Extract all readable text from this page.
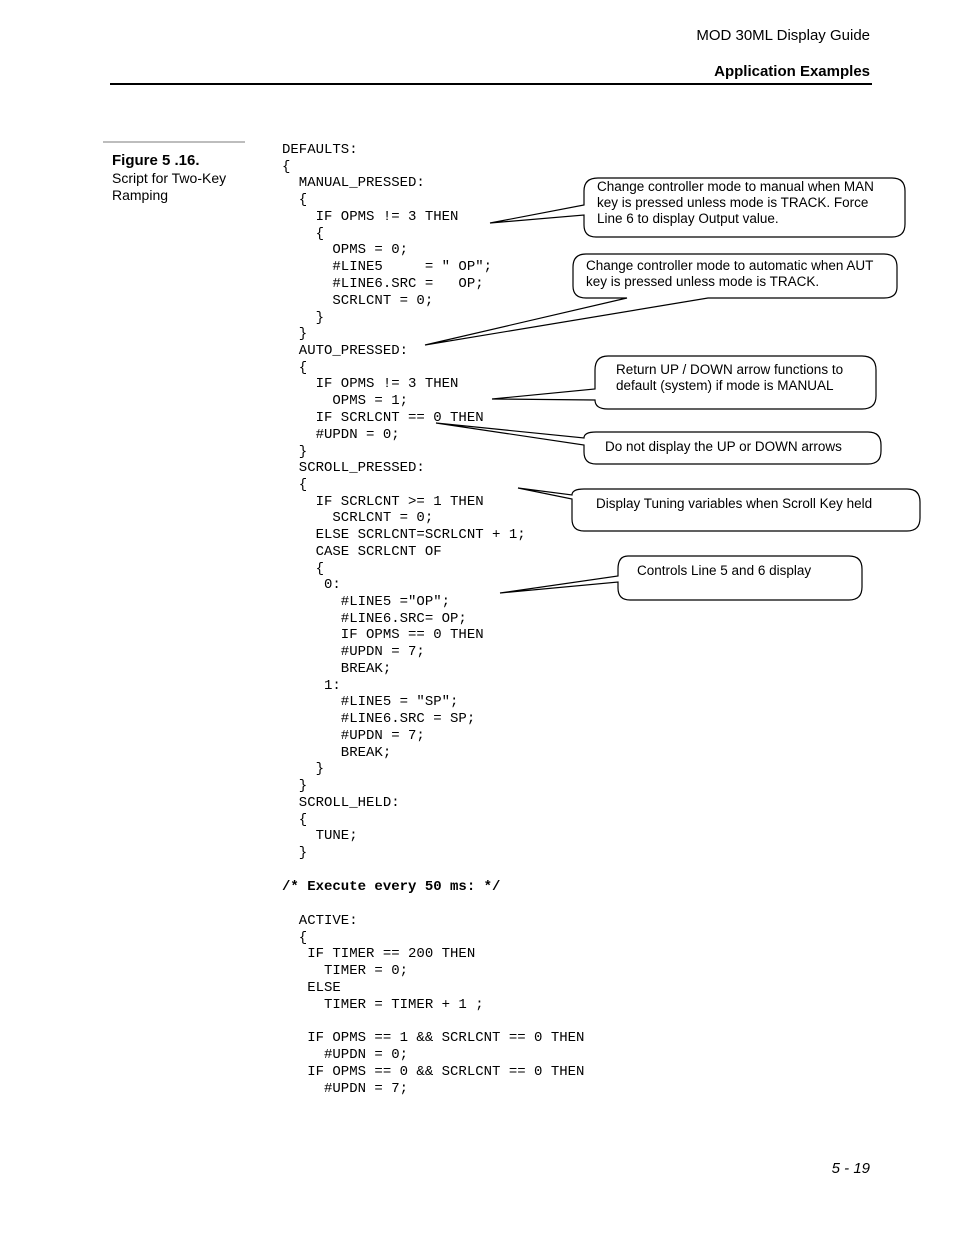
MOD 30ML Display Guide
Application Examples
Figure 5 .16.
Script for Two-Key Ramping
DEFAULTS:
{
MANUAL_PRESSED:
{
IF OPMS != 3 THEN
{
OPMS = 0;
#LINE5     = " OP";
#LINE6.SRC =   OP;
SCRLCNT = 0;
}
}
AUTO_PRESSED:
{
IF OPMS != 3 THEN
OPMS = 1;
IF SCRLCNT == 0 THEN
#UPDN = 0;
}
SCROLL_PRESSED:
{
IF SCRLCNT >= 1 THEN
SCRLCNT = 0;
ELSE SCRLCNT=SCRLCNT + 1;
CASE SCRLCNT OF
{
0:
#LINE5 ="OP";
#LINE6.SRC= OP;
IF OPMS == 0 THEN
#UPDN = 7;
BREAK;
1:
#LINE5 = "SP";
#LINE6.SRC = SP;
#UPDN = 7;
BREAK;
}
}
SCROLL_HELD:
{
TUNE;
}
/* Execute every 50 ms: */
ACTIVE:
{
IF TIMER == 200 THEN
TIMER = 0;
ELSE
TIMER = TIMER + 1 ;
IF OPMS == 1 && SCRLCNT == 0 THEN
#UPDN = 0;
IF OPMS == 0 && SCRLCNT == 0 THEN
#UPDN = 7;
Change controller mode to manual when MAN key is pressed unless mode is TRACK. Force Line 6 to display Output value.
Change controller mode to automatic when AUT key is pressed unless mode is TRACK.
Return UP / DOWN arrow functions to default (system) if mode is MANUAL
Do not display the UP or DOWN arrows
Display Tuning variables when Scroll Key held
Controls Line 5 and 6 display
5 - 19
